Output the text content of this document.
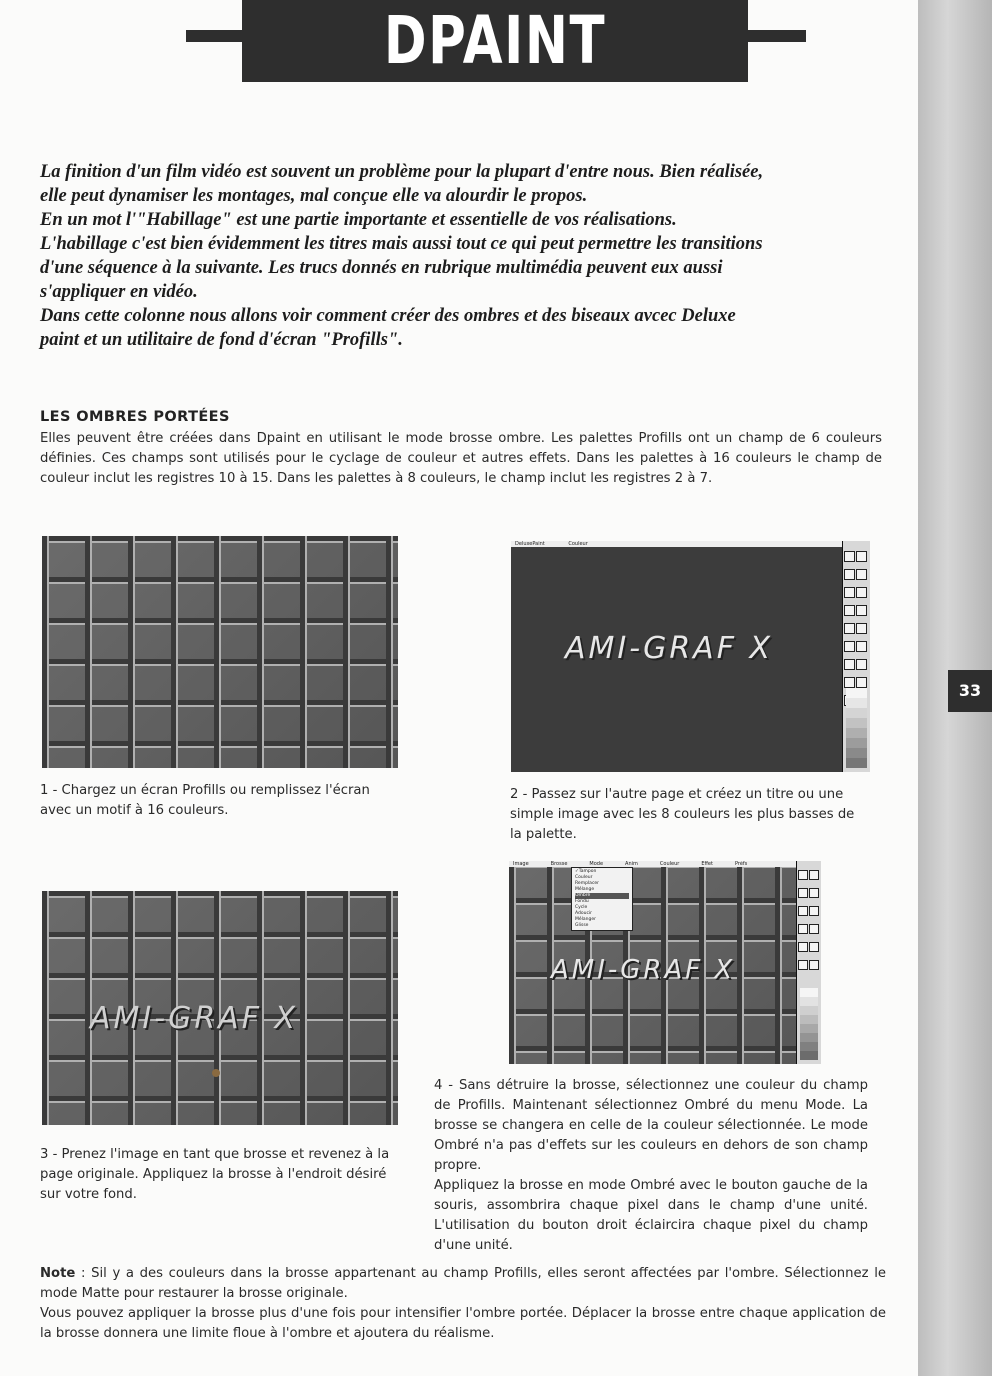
DPAINT
33

La finition d'un film vidéo est souvent un problème pour la plupart d'entre nous. Bien réalisée,

elle peut dynamiser les montages, mal conçue elle va alourdir le propos.

En un mot l'"Habillage" est une partie importante et essentielle de vos réalisations.

L'habillage c'est bien évidemment les titres mais aussi tout ce qui peut permettre les transitions

d'une séquence à la suivante. Les trucs donnés en rubrique multimédia peuvent eux aussi

s'appliquer en vidéo.

Dans cette colonne nous allons voir comment créer des ombres et des biseaux avcec Deluxe

paint et un utilitaire de fond d'écran "Profills".

LES OMBRES PORTÉES
Elles peuvent être créées dans Dpaint en utilisant le mode brosse ombre. Les palettes Profills ont un champ de 6 couleurs définies. Ces champs sont utilisés pour le cyclage de couleur et autres effets. Dans les palettes à 16 couleurs le champ de couleur inclut les registres 10 à 15. Dans les palettes à 8 couleurs, le champ inclut les registres 2 à 7.
DeluxePaint	Couleur
AMI-GRAF X

AMI-GRAF X
Image	Brosse	Mode	Anim	Couleur	Effet	Préfs
✓Tampon
Couleur
Remplacer
Mélange
Ombré
Fondu
Cycle
Adoucir
Mélanger
Glisse
AMI-GRAF X

1 - Chargez un écran Profills ou remplissez l'écran avec un motif à 16 couleurs.
2 - Passez sur l'autre page et créez un titre ou une simple image avec les 8 couleurs les plus basses de la palette.
3 - Prenez l'image en tant que brosse et revenez à la page originale. Appliquez la brosse à l'endroit désiré sur votre fond.

4 - Sans détruire la brosse, sélectionnez une couleur du champ de Profills. Maintenant sélectionnez Ombré du menu Mode. La brosse se changera en celle de la couleur sélectionnée. Le mode Ombré n'a pas d'effets sur les couleurs en dehors de son champ propre.

Appliquez la brosse en mode Ombré avec le bouton gauche de la souris, assombrira chaque pixel dans le champ d'une unité. L'utilisation du bouton droit éclaircira chaque pixel du champ d'une unité.

Note : Sil y a des couleurs dans la brosse appartenant au champ Profills, elles seront affectées par l'ombre. Sélectionnez le mode Matte pour restaurer la brosse originale.

Vous pouvez appliquer la brosse plus d'une fois pour intensifier l'ombre portée. Déplacer la brosse entre chaque application de la brosse donnera une limite floue à l'ombre et ajoutera du réalisme.
